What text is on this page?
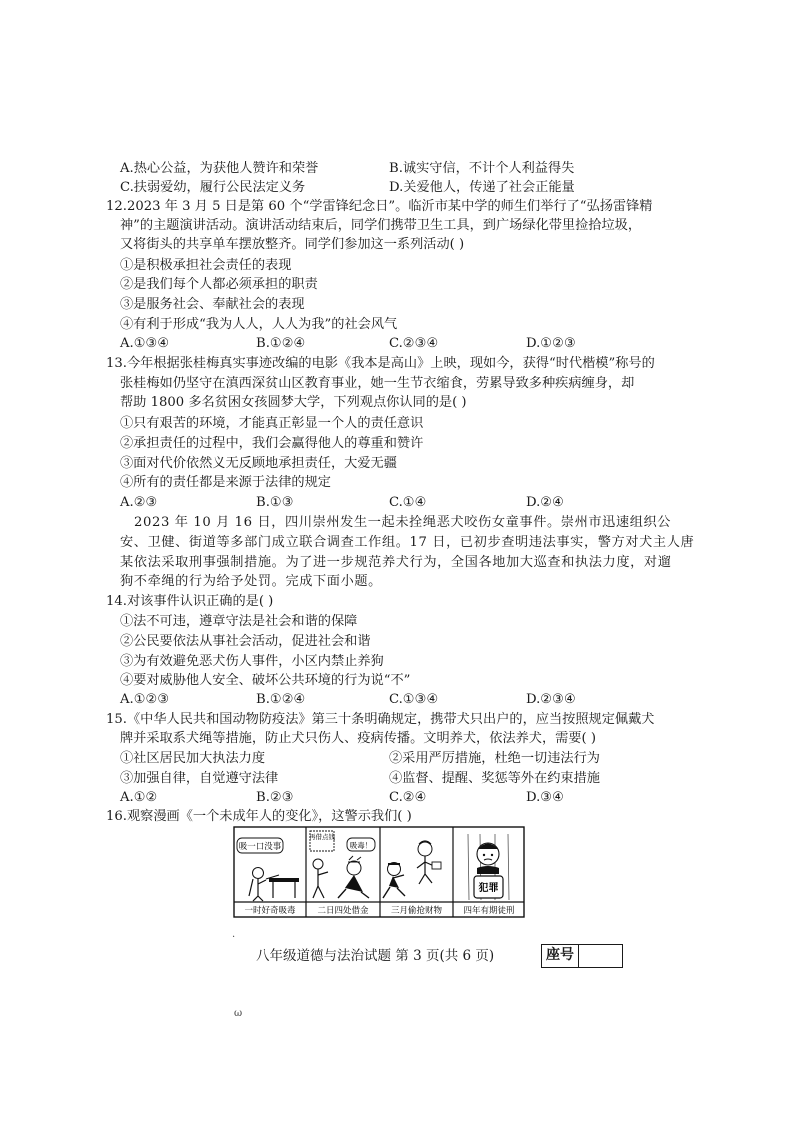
A.热心公益，为获他人赞许和荣誉	B.诚实守信，不计个人利益得失
C.扶弱爱幼，履行公民法定义务	D.关爱他人，传递了社会正能量
12.2023 年 3 月 5 日是第 60 个“学雷锋纪念日”。临沂市某中学的师生们举行了“弘扬雷锋精
神”的主题演讲活动。演讲活动结束后，同学们携带卫生工具，到广场绿化带里捡拾垃圾，
又将街头的共享单车摆放整齐。同学们参加这一系列活动( )
①是积极承担社会责任的表现
②是我们每个人都必须承担的职责
③是服务社会、奉献社会的表现
④有利于形成“我为人人，人人为我”的社会风气
A.①③④	B.①②④	C.②③④	D.①②③
13.今年根据张桂梅真实事迹改编的电影《我本是高山》上映，现如今，获得“时代楷模”称号的
张桂梅如仍坚守在滇西深贫山区教育事业，她一生节衣缩食，劳累导致多种疾病缠身，却
帮助 1800 多名贫困女孩圆梦大学，下列观点你认同的是( )
①只有艰苦的环境，才能真正彰显一个人的责任意识
②承担责任的过程中，我们会赢得他人的尊重和赞许
③面对代价依然义无反顾地承担责任，大爱无疆
④所有的责任都是来源于法律的规定
A.②③	B.①③	C.①④	D.②④
2023 年 10 月 16 日，四川崇州发生一起未拴绳恶犬咬伤女童事件。崇州市迅速组织公
安、卫健、街道等多部门成立联合调查工作组。17 日，已初步查明违法事实，警方对犬主人唐
某依法采取刑事强制措施。为了进一步规范养犬行为，全国各地加大巡查和执法力度，对遛
狗不牵绳的行为给予处罚。完成下面小题。
14.对该事件认识正确的是( )
①法不可违，遵章守法是社会和谐的保障
②公民要依法从事社会活动，促进社会和谐
③为有效避免恶犬伤人事件，小区内禁止养狗
④要对威胁他人安全、破坏公共环境的行为说“不”
A.①②③	B.①②④	C.①③④	D.②③④
15.《中华人民共和国动物防疫法》第三十条明确规定，携带犬只出户的，应当按照规定佩戴犬
牌并采取系犬绳等措施，防止犬只伤人、疫病传播。文明养犬，依法养犬，需要( )
①社区居民加大执法力度	②采用严厉措施，杜绝一切违法行为
③加强自律，自觉遵守法律	④监督、提醒、奖惩等外在约束措施
A.①②	B.②③	C.②④	D.③④
16.观察漫画《一个未成年人的变化》，这警示我们( )
吸一口没事
再借点钱
吸毒！
犯罪
一时好奇吸毒	二日四处借金	三月偷抢财物	四年有期徒刑
.
八年级道德与法治试题 第 3 页(共 6 页)	座号
ω
